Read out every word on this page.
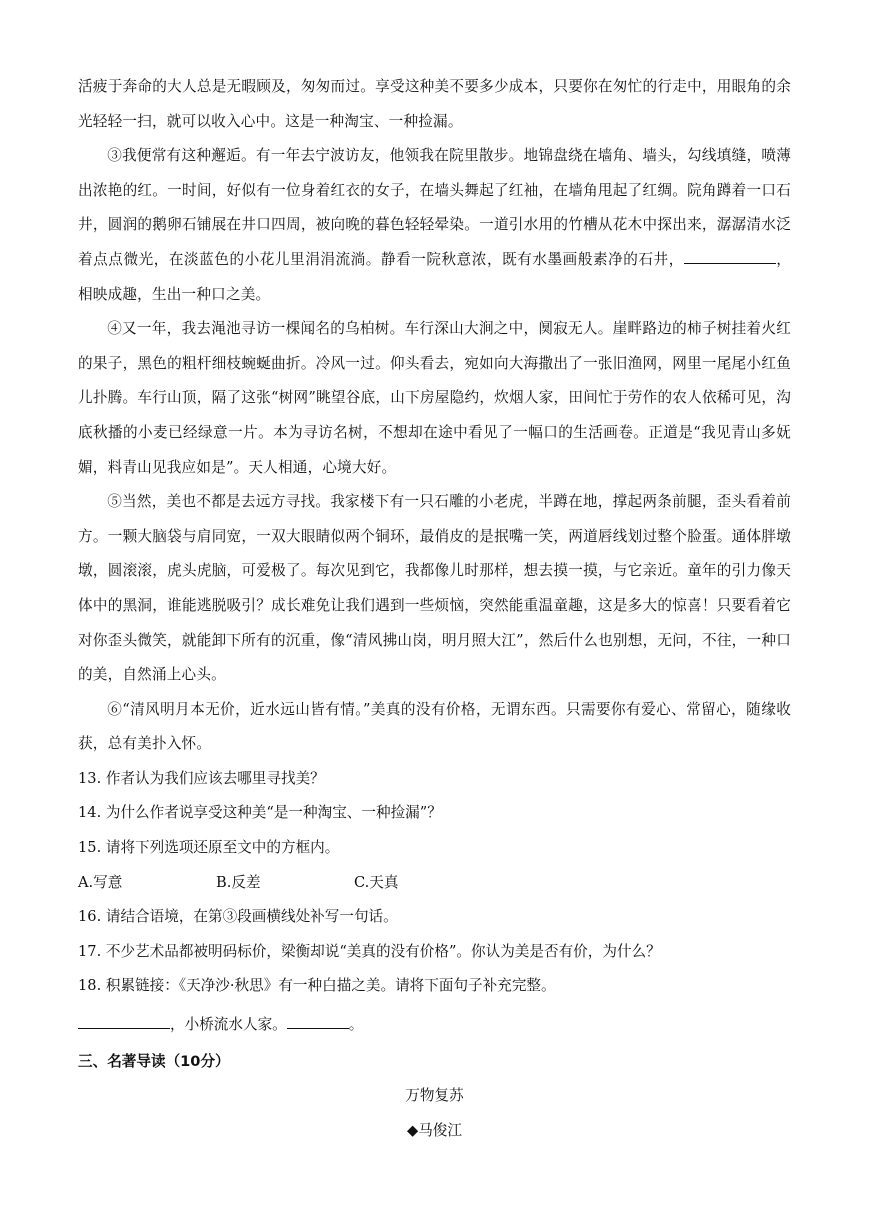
活疲于奔命的大人总是无暇顾及，匆匆而过。享受这种美不要多少成本，只要你在匆忙的行走中，用眼角的余光轻轻一扫，就可以收入心中。这是一种淘宝、一种捡漏。

③我便常有这种邂逅。有一年去宁波访友，他领我在院里散步。地锦盘绕在墙角、墙头，勾线填缝，喷薄出浓艳的红。一时间，好似有一位身着红衣的女子，在墙头舞起了红袖，在墙角甩起了红绸。院角蹲着一口石井，圆润的鹅卵石铺展在井口四周，被向晚的暮色轻轻晕染。一道引水用的竹槽从花木中探出来，潺潺清水泛着点点微光，在淡蓝色的小花儿里涓涓流淌。静看一院秋意浓，既有水墨画般素净的石井，	，相映成趣，生出一种口之美。

④又一年，我去渑池寻访一棵闻名的乌柏树。车行深山大涧之中，阒寂无人。崖畔路边的柿子树挂着火红的果子，黑色的粗杆细枝蜿蜒曲折。冷风一过。仰头看去，宛如向大海撒出了一张旧渔网，网里一尾尾小红鱼儿扑腾。车行山顶，隔了这张“树网”眺望谷底，山下房屋隐约，炊烟人家，田间忙于劳作的农人依稀可见，沟底秋播的小麦已经绿意一片。本为寻访名树，不想却在途中看见了一幅口的生活画卷。正道是“我见青山多妩媚，料青山见我应如是”。天人相通，心境大好。

⑤当然，美也不都是去远方寻找。我家楼下有一只石雕的小老虎，半蹲在地，撑起两条前腿，歪头看着前方。一颗大脑袋与肩同宽，一双大眼睛似两个铜环，最俏皮的是抿嘴一笑，两道唇线划过整个脸蛋。通体胖墩墩，圆滚滚，虎头虎脑，可爱极了。每次见到它，我都像儿时那样，想去摸一摸，与它亲近。童年的引力像天体中的黑洞，谁能逃脱吸引？成长难免让我们遇到一些烦恼，突然能重温童趣，这是多大的惊喜！只要看着它对你歪头微笑，就能卸下所有的沉重，像“清风拂山岗，明月照大江”，然后什么也别想，无问，不往，一种口的美，自然涌上心头。

⑥“清风明月本无价，近水远山皆有情。”美真的没有价格，无谓东西。只需要你有爱心、常留心，随缘收获，总有美扑入怀。

13. 作者认为我们应该去哪里寻找美？

14. 为什么作者说享受这种美“是一种淘宝、一种捡漏”？

15. 请将下列选项还原至文中的方框内。

A.写意	B.反差	C.天真

16. 请结合语境，在第③段画横线处补写一句话。

17. 不少艺术品都被明码标价，梁衡却说“美真的没有价格”。你认为美是否有价，为什么？

18. 积累链接：《天净沙·秋思》有一种白描之美。请将下面句子补充完整。

，小桥流水人家。	。

三、名著导读（10分）

万物复苏

◆马俊江
